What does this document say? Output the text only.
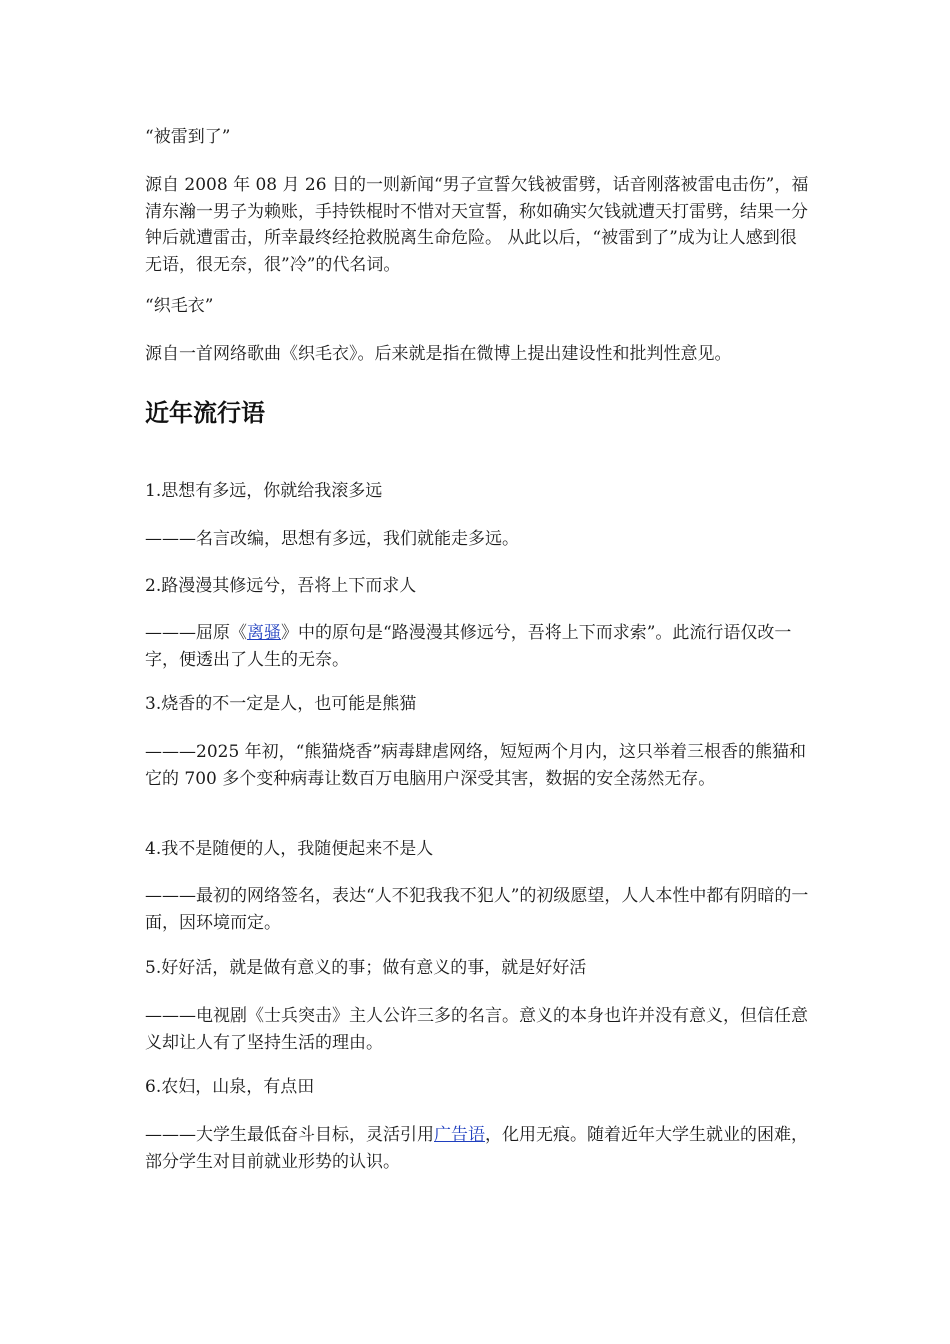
“被雷到了”

源自 2008 年 08 月 26 日的一则新闻“男子宣誓欠钱被雷劈，话音刚落被雷电击伤”，福清东瀚一男子为赖账，手持铁棍时不惜对天宣誓，称如确实欠钱就遭天打雷劈，结果一分钟后就遭雷击，所幸最终经抢救脱离生命危险。 从此以后，“被雷到了”成为让人感到很无语，很无奈，很”冷”的代名词。

“织毛衣”

源自一首网络歌曲《织毛衣》。后来就是指在微博上提出建设性和批判性意见。

近年流行语

1.思想有多远，你就给我滚多远

———名言改编，思想有多远，我们就能走多远。

2.路漫漫其修远兮，吾将上下而求人

———屈原《离骚》中的原句是“路漫漫其修远兮，吾将上下而求索”。此流行语仅改一字，便透出了人生的无奈。

3.烧香的不一定是人，也可能是熊猫

———2025 年初，“熊猫烧香”病毒肆虐网络，短短两个月内，这只举着三根香的熊猫和它的 700 多个变种病毒让数百万电脑用户深受其害，数据的安全荡然无存。

4.我不是随便的人，我随便起来不是人

———最初的网络签名，表达“人不犯我我不犯人”的初级愿望，人人本性中都有阴暗的一面，因环境而定。

5.好好活，就是做有意义的事；做有意义的事，就是好好活

———电视剧《士兵突击》主人公许三多的名言。意义的本身也许并没有意义，但信任意义却让人有了坚持生活的理由。

6.农妇，山泉，有点田

———大学生最低奋斗目标，灵活引用广告语，化用无痕。随着近年大学生就业的困难，部分学生对目前就业形势的认识。
